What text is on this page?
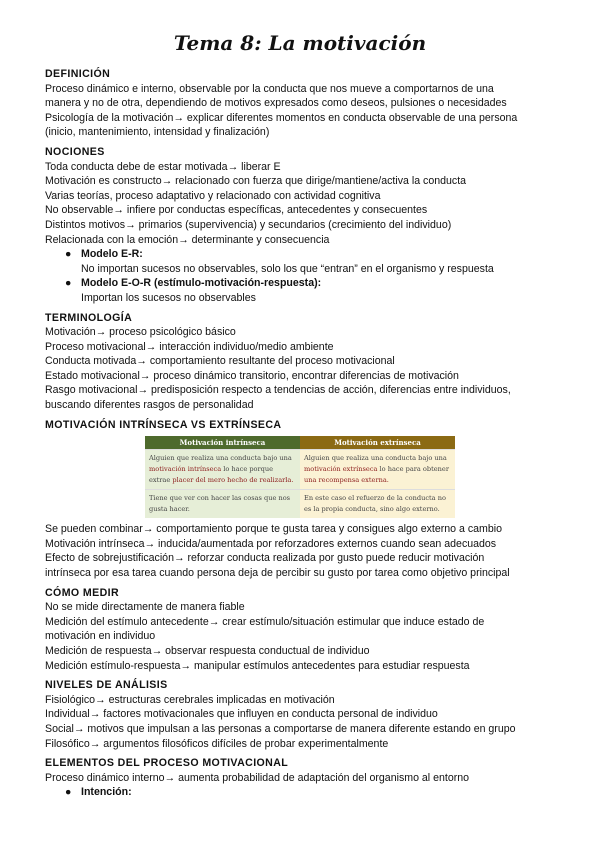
Tema 8: La motivación
DEFINICIÓN
Proceso dinámico e interno, observable por la conducta que nos mueve a comportarnos de una
manera y no de otra, dependiendo de motivos expresados como deseos, pulsiones o necesidades
Psicología de la motivación→ explicar diferentes momentos en conducta observable de una persona
(inicio, mantenimiento, intensidad y finalización)
NOCIONES
Toda conducta debe de estar motivada→ liberar E
Motivación es constructo→ relacionado con fuerza que dirige/mantiene/activa la conducta
Varias teorías, proceso adaptativo y relacionado con actividad cognitiva
No observable→ infiere por conductas específicas, antecedentes y consecuentes
Distintos motivos→ primarios (supervivencia) y secundarios (crecimiento del individuo)
Relacionada con la emoción→ determinante y consecuencia
● Modelo E-R:
No importan sucesos no observables, solo los que “entran” en el organismo y respuesta
● Modelo E-O-R (estímulo-motivación-respuesta):
Importan los sucesos no observables
TERMINOLOGÍA
Motivación→ proceso psicológico básico
Proceso motivacional→ interacción individuo/medio ambiente
Conducta motivada→ comportamiento resultante del proceso motivacional
Estado motivacional→ proceso dinámico transitorio, encontrar diferencias de motivación
Rasgo motivacional→ predisposición respecto a tendencias de acción, diferencias entre individuos,
buscando diferentes rasgos de personalidad
MOTIVACIÓN INTRÍNSECA VS EXTRÍNSECA
Motivación intrínseca	Motivación extrínseca
Alguien que realiza una conducta bajo una motivación intrínseca lo hace porque extrae placer del mero hecho de realizarla.	Alguien que realiza una conducta bajo una motivación extrínseca lo hace para obtener una recompensa externa.
Tiene que ver con hacer las cosas que nos gusta hacer.	En este caso el refuerzo de la conducta no es la propia conducta, sino algo externo.
Se pueden combinar→ comportamiento porque te gusta tarea y consigues algo externo a cambio
Motivación intrínseca→ inducida/aumentada por reforzadores externos cuando sean adecuados
Efecto de sobrejustificación→ reforzar conducta realizada por gusto puede reducir motivación
intrínseca por esa tarea cuando persona deja de percibir su gusto por tarea como objetivo principal
CÓMO MEDIR
No se mide directamente de manera fiable
Medición del estímulo antecedente→ crear estímulo/situación estimular que induce estado de
motivación en individuo
Medición de respuesta→ observar respuesta conductual de individuo
Medición estímulo-respuesta→ manipular estímulos antecedentes para estudiar respuesta
NIVELES DE ANÁLISIS
Fisiológico→ estructuras cerebrales implicadas en motivación
Individual→ factores motivacionales que influyen en conducta personal de individuo
Social→ motivos que impulsan a las personas a comportarse de manera diferente estando en grupo
Filosófico→ argumentos filosóficos difíciles de probar experimentalmente
ELEMENTOS DEL PROCESO MOTIVACIONAL
Proceso dinámico interno→ aumenta probabilidad de adaptación del organismo al entorno
● Intención:
